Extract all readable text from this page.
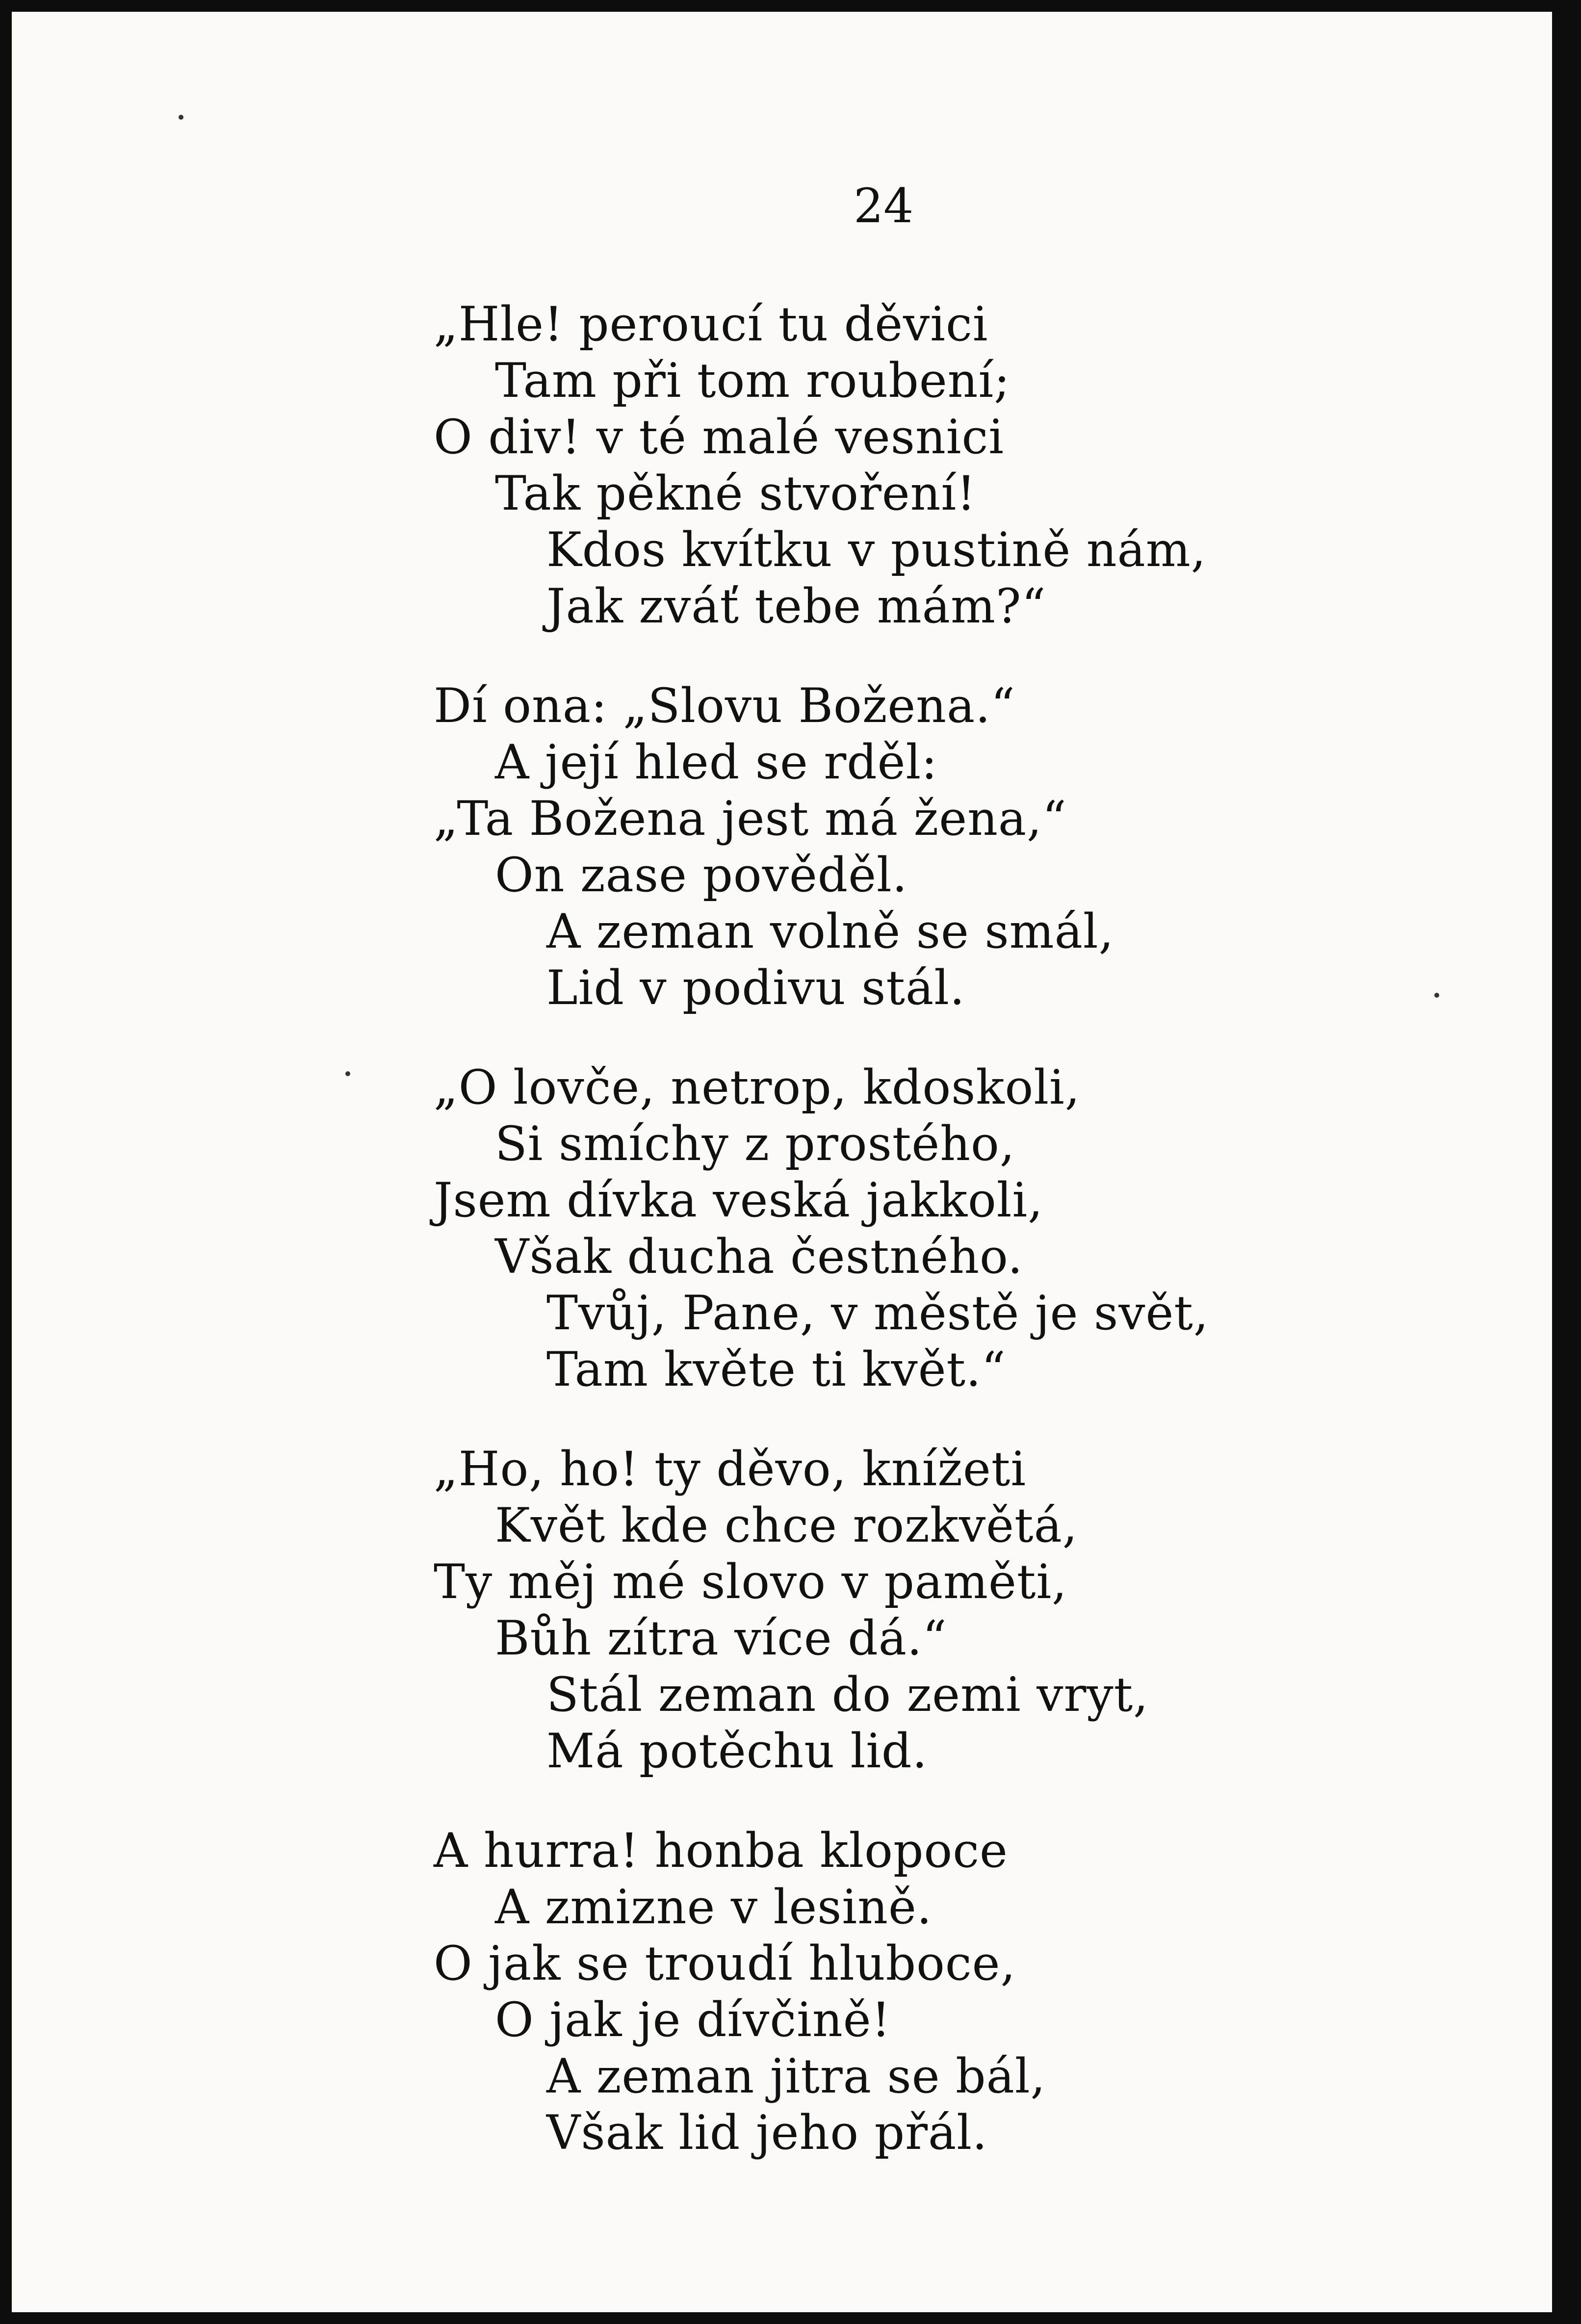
24
„Hle! peroucí tu děvici
Tam při tom roubení;
O div! v té malé vesnici
Tak pěkné stvoření!
Kdos kvítku v pustině nám,
Jak zváť tebe mám?“
Dí ona: „Slovu Božena.“
A její hled se rděl:
„Ta Božena jest má žena,“
On zase pověděl.
A zeman volně se smál,
Lid v podivu stál.
„O lovče, netrop, kdoskoli,
Si smíchy z prostého,
Jsem dívka veská jakkoli,
Však ducha čestného.
Tvůj, Pane, v městě je svět,
Tam květe ti květ.“
„Ho, ho! ty děvo, knížeti
Květ kde chce rozkvětá,
Ty měj mé slovo v paměti,
Bůh zítra více dá.“
Stál zeman do zemi vryt,
Má potěchu lid.
A hurra! honba klopoce
A zmizne v lesině.
O jak se troudí hluboce,
O jak je dívčině!
A zeman jitra se bál,
Však lid jeho přál.
